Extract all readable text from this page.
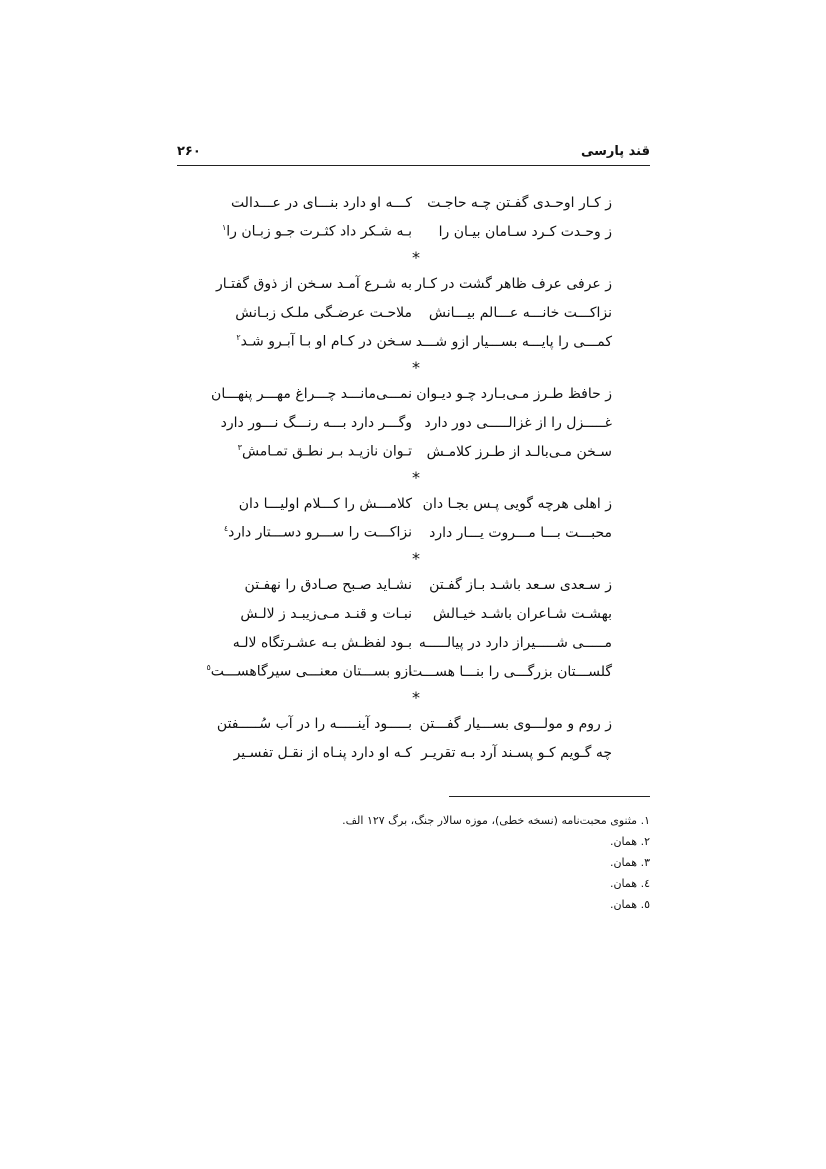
قند پارسی
۲۶۰
ز کـار اوحـدی گفـتن چـه حاجـت
کـــه او دارد بنـــای در عـــدالت
ز وحـدت کـرد سـامان بیـان را
بـه شـکر داد کثـرت جـو زبـان را$^۱$
*
ز عرفی عرف ظاهر گشت در کـار
به شـرع آمـد سـخن از ذوق گفتـار
نزاکـــت خانـــه عـــالم بیـــانش
ملاحـت عرضـگی ملـک زبـانش
کمـــی را پایـــه بســـیار ازو شـــد
سـخن در کـام او بـا آبـرو شـد$^۲$
*
ز حافظ طـرز مـی‌بـارد چـو دیـوان
نمـــی‌مانـــد چـــراغ مهـــر پنهـــان
غـــــزل را از غزالـــــی دور دارد
وگـــر دارد بـــه رنـــگ نـــور دارد
سـخن مـی‌بالـد از طـرز کلامـش
تـوان نازیـد بـر نطـق تمـامش$^۳$
*
ز اهلی هرچه گویی پـس بجـا دان
کلامـــش را کـــلام اولیـــا دان
محبـــت بـــا مـــروت یـــار دارد
نزاکـــت را ســـرو دســـتار دارد$^٤$
*
ز سـعدی سـعد باشـد بـاز گفـتن
نشـاید صـبح صـادق را نهفـتن
بهشـت شـاعران باشـد خیـالش
نبـات و قنـد مـی‌زیبـد ز لالـش
مـــــی شـــــیراز دارد در پیالـــــه
بـود لفظـش بـه عشـرتگاه لالـه
گلســـتان بزرگـــی را بنـــا هســـت
ازو بســـتان معنـــی سیرگاهســـت$^٥$
*
ز روم و مولـــوی بســـیار گفـــتن
بـــــود آینـــــه را در آب سُـــــفتن
چه گـویم کـو پسـند آرد بـه تقریـر
کـه او دارد پنـاه از نقـل تفسـیر
۱. مثنوی محبت‌نامه (نسخه خطی)، موزه سالار جنگ، برگ ۱۲۷ الف.
۲. همان.
۳. همان.
٤. همان.
٥. همان.
